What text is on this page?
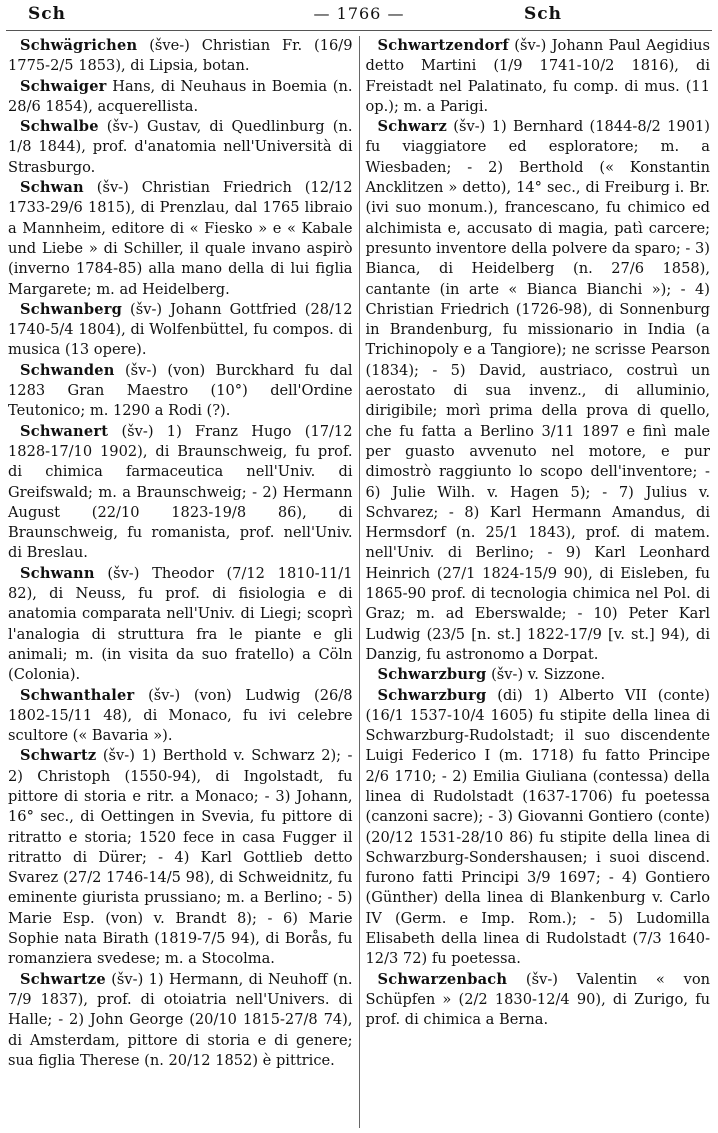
— 1766 —
Sch	Sch

Schwägrichen (šve-) Christian Fr. (16/9 1775-2/5 1853), di Lipsia, botan.

Schwaiger Hans, di Neuhaus in Boemia (n. 28/6 1854), acquerellista.

Schwalbe (šv-) Gustav, di Quedlinburg (n. 1/8 1844), prof. d'anatomia nell'Università di Strasburgo.

Schwan (šv-) Christian Friedrich (12/12 1733-29/6 1815), di Prenzlau, dal 1765 libraio a Mannheim, editore di « Fiesko » e « Kabale und Liebe » di Schiller, il quale invano aspirò (inverno 1784-85) alla mano della di lui figlia Margarete; m. ad Heidelberg.

Schwanberg (šv-) Johann Gottfried (28/12 1740-5/4 1804), di Wolfenbüttel, fu compos. di musica (13 opere).

Schwanden (šv-) (von) Burckhard fu dal 1283 Gran Maestro (10°) dell'Ordine Teutonico; m. 1290 a Rodi (?).

Schwanert (šv-) 1) Franz Hugo (17/12 1828-17/10 1902), di Braunschweig, fu prof. di chimica farmaceutica nell'Univ. di Greifswald; m. a Braunschweig; - 2) Hermann August (22/10 1823-19/8 86), di Braunschweig, fu romanista, prof. nell'Univ. di Breslau.

Schwann (šv-) Theodor (7/12 1810-11/1 82), di Neuss, fu prof. di fisiologia e di anatomia comparata nell'Univ. di Liegi; scoprì l'analogia di struttura fra le piante e gli animali; m. (in visita da suo fratello) a Cöln (Colonia).

Schwanthaler (šv-) (von) Ludwig (26/8 1802-15/11 48), di Monaco, fu ivi celebre scultore (« Bavaria »).

Schwartz (šv-) 1) Berthold v. Schwarz 2); - 2) Christoph (1550-94), di Ingolstadt, fu pittore di storia e ritr. a Monaco; - 3) Johann, 16° sec., di Oettingen in Svevia, fu pittore di ritratto e storia; 1520 fece in casa Fugger il ritratto di Dürer; - 4) Karl Gottlieb detto Svarez (27/2 1746-14/5 98), di Schweidnitz, fu eminente giurista prussiano; m. a Berlino; - 5) Marie Esp. (von) v. Brandt 8); - 6) Marie Sophie nata Birath (1819-7/5 94), di Borås, fu romanziera svedese; m. a Stocolma.

Schwartze (šv-) 1) Hermann, di Neuhoff (n. 7/9 1837), prof. di otoiatria nell'Univers. di Halle; - 2) John George (20/10 1815-27/8 74), di Amsterdam, pittore di storia e di genere; sua figlia Therese (n. 20/12 1852) è pittrice.

Schwartzendorf (šv-) Johann Paul Aegidius detto Martini (1/9 1741-10/2 1816), di Freistadt nel Palatinato, fu comp. di mus. (11 op.); m. a Parigi.

Schwarz (šv-) 1) Bernhard (1844-8/2 1901) fu viaggiatore ed esploratore; m. a Wiesbaden; - 2) Berthold (« Konstantin Ancklitzen » detto), 14° sec., di Freiburg i. Br. (ivi suo monum.), francescano, fu chimico ed alchimista e, accusato di magia, patì carcere; presunto inventore della polvere da sparo; - 3) Bianca, di Heidelberg (n. 27/6 1858), cantante (in arte « Bianca Bianchi »); - 4) Christian Friedrich (1726-98), di Sonnenburg in Brandenburg, fu missionario in India (a Trichinopoly e a Tangiore); ne scrisse Pearson (1834); - 5) David, austriaco, costruì un aerostato di sua invenz., di alluminio, dirigibile; morì prima della prova di quello, che fu fatta a Berlino 3/11 1897 e finì male per guasto avvenuto nel motore, e pur dimostrò raggiunto lo scopo dell'inventore; - 6) Julie Wilh. v. Hagen 5); - 7) Julius v. Schvarez; - 8) Karl Hermann Amandus, di Hermsdorf (n. 25/1 1843), prof. di matem. nell'Univ. di Berlino; - 9) Karl Leonhard Heinrich (27/1 1824-15/9 90), di Eisleben, fu 1865-90 prof. di tecnologia chimica nel Pol. di Graz; m. ad Eberswalde; - 10) Peter Karl Ludwig (23/5 [n. st.] 1822-17/9 [v. st.] 94), di Danzig, fu astronomo a Dorpat.

Schwarzburg (šv-) v. Sizzone.

Schwarzburg (di) 1) Alberto VII (conte) (16/1 1537-10/4 1605) fu stipite della linea di Schwarzburg-Rudolstadt; il suo discendente Luigi Federico I (m. 1718) fu fatto Principe 2/6 1710; - 2) Emilia Giuliana (contessa) della linea di Rudolstadt (1637-1706) fu poetessa (canzoni sacre); - 3) Giovanni Gontiero (conte) (20/12 1531-28/10 86) fu stipite della linea di Schwarzburg-Sondershausen; i suoi discend. furono fatti Principi 3/9 1697; - 4) Gontiero (Günther) della linea di Blankenburg v. Carlo IV (Germ. e Imp. Rom.); - 5) Ludomilla Elisabeth della linea di Rudolstadt (7/3 1640-12/3 72) fu poetessa.

Schwarzenbach (šv-) Valentin « von Schüpfen » (2/2 1830-12/4 90), di Zurigo, fu prof. di chimica a Berna.
